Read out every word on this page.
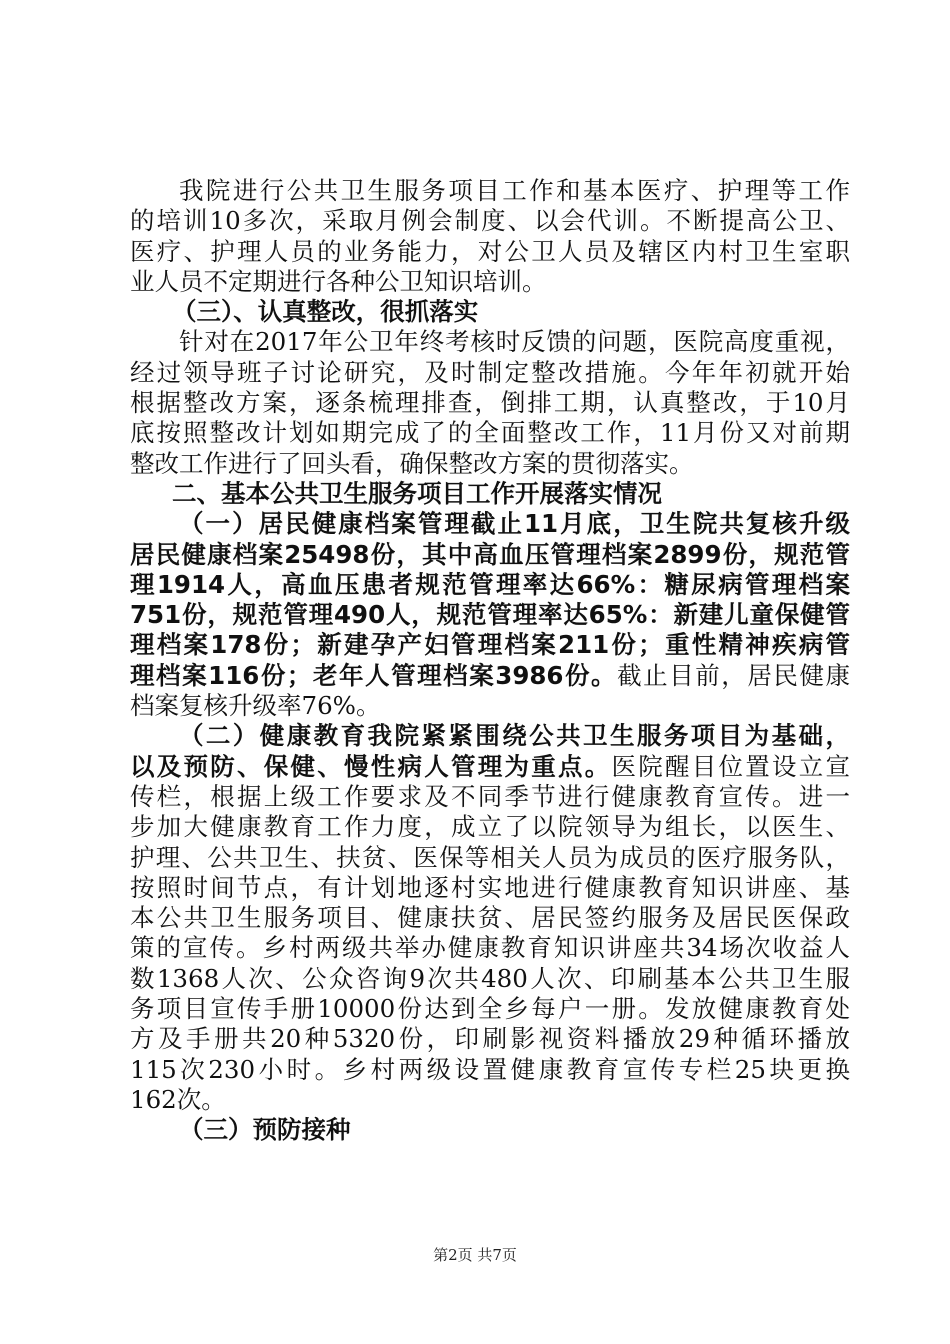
我院进行公共卫生服务项目工作和基本医疗、护理等工作
的培训10多次，采取月例会制度、以会代训。不断提高公卫、
医疗、护理人员的业务能力，对公卫人员及辖区内村卫生室职
业人员不定期进行各种公卫知识培训。
（三）、认真整改，很抓落实
针对在2017年公卫年终考核时反馈的问题，医院高度重视，
经过领导班子讨论研究，及时制定整改措施。今年年初就开始
根据整改方案，逐条梳理排查，倒排工期，认真整改，于10月
底按照整改计划如期完成了的全面整改工作，11月份又对前期
整改工作进行了回头看，确保整改方案的贯彻落实。
二、基本公共卫生服务项目工作开展落实情况
（一）居民健康档案管理截止11月底，卫生院共复核升级
居民健康档案25498份，其中高血压管理档案2899份，规范管
理1914人，高血压患者规范管理率达66%：糖尿病管理档案
751份，规范管理490人，规范管理率达65%：新建儿童保健管
理档案178份；新建孕产妇管理档案211份；重性精神疾病管
理档案116份；老年人管理档案3986份。截止目前，居民健康
档案复核升级率76%。
（二）健康教育我院紧紧围绕公共卫生服务项目为基础，
以及预防、保健、慢性病人管理为重点。医院醒目位置设立宣
传栏，根据上级工作要求及不同季节进行健康教育宣传。进一
步加大健康教育工作力度，成立了以院领导为组长，以医生、
护理、公共卫生、扶贫、医保等相关人员为成员的医疗服务队，
按照时间节点，有计划地逐村实地进行健康教育知识讲座、基
本公共卫生服务项目、健康扶贫、居民签约服务及居民医保政
策的宣传。乡村两级共举办健康教育知识讲座共34场次收益人
数1368人次、公众咨询9次共480人次、印刷基本公共卫生服
务项目宣传手册10000份达到全乡每户一册。发放健康教育处
方及手册共20种5320份，印刷影视资料播放29种循环播放
115次230小时。乡村两级设置健康教育宣传专栏25块更换
162次。
（三）预防接种
第2页 共7页
